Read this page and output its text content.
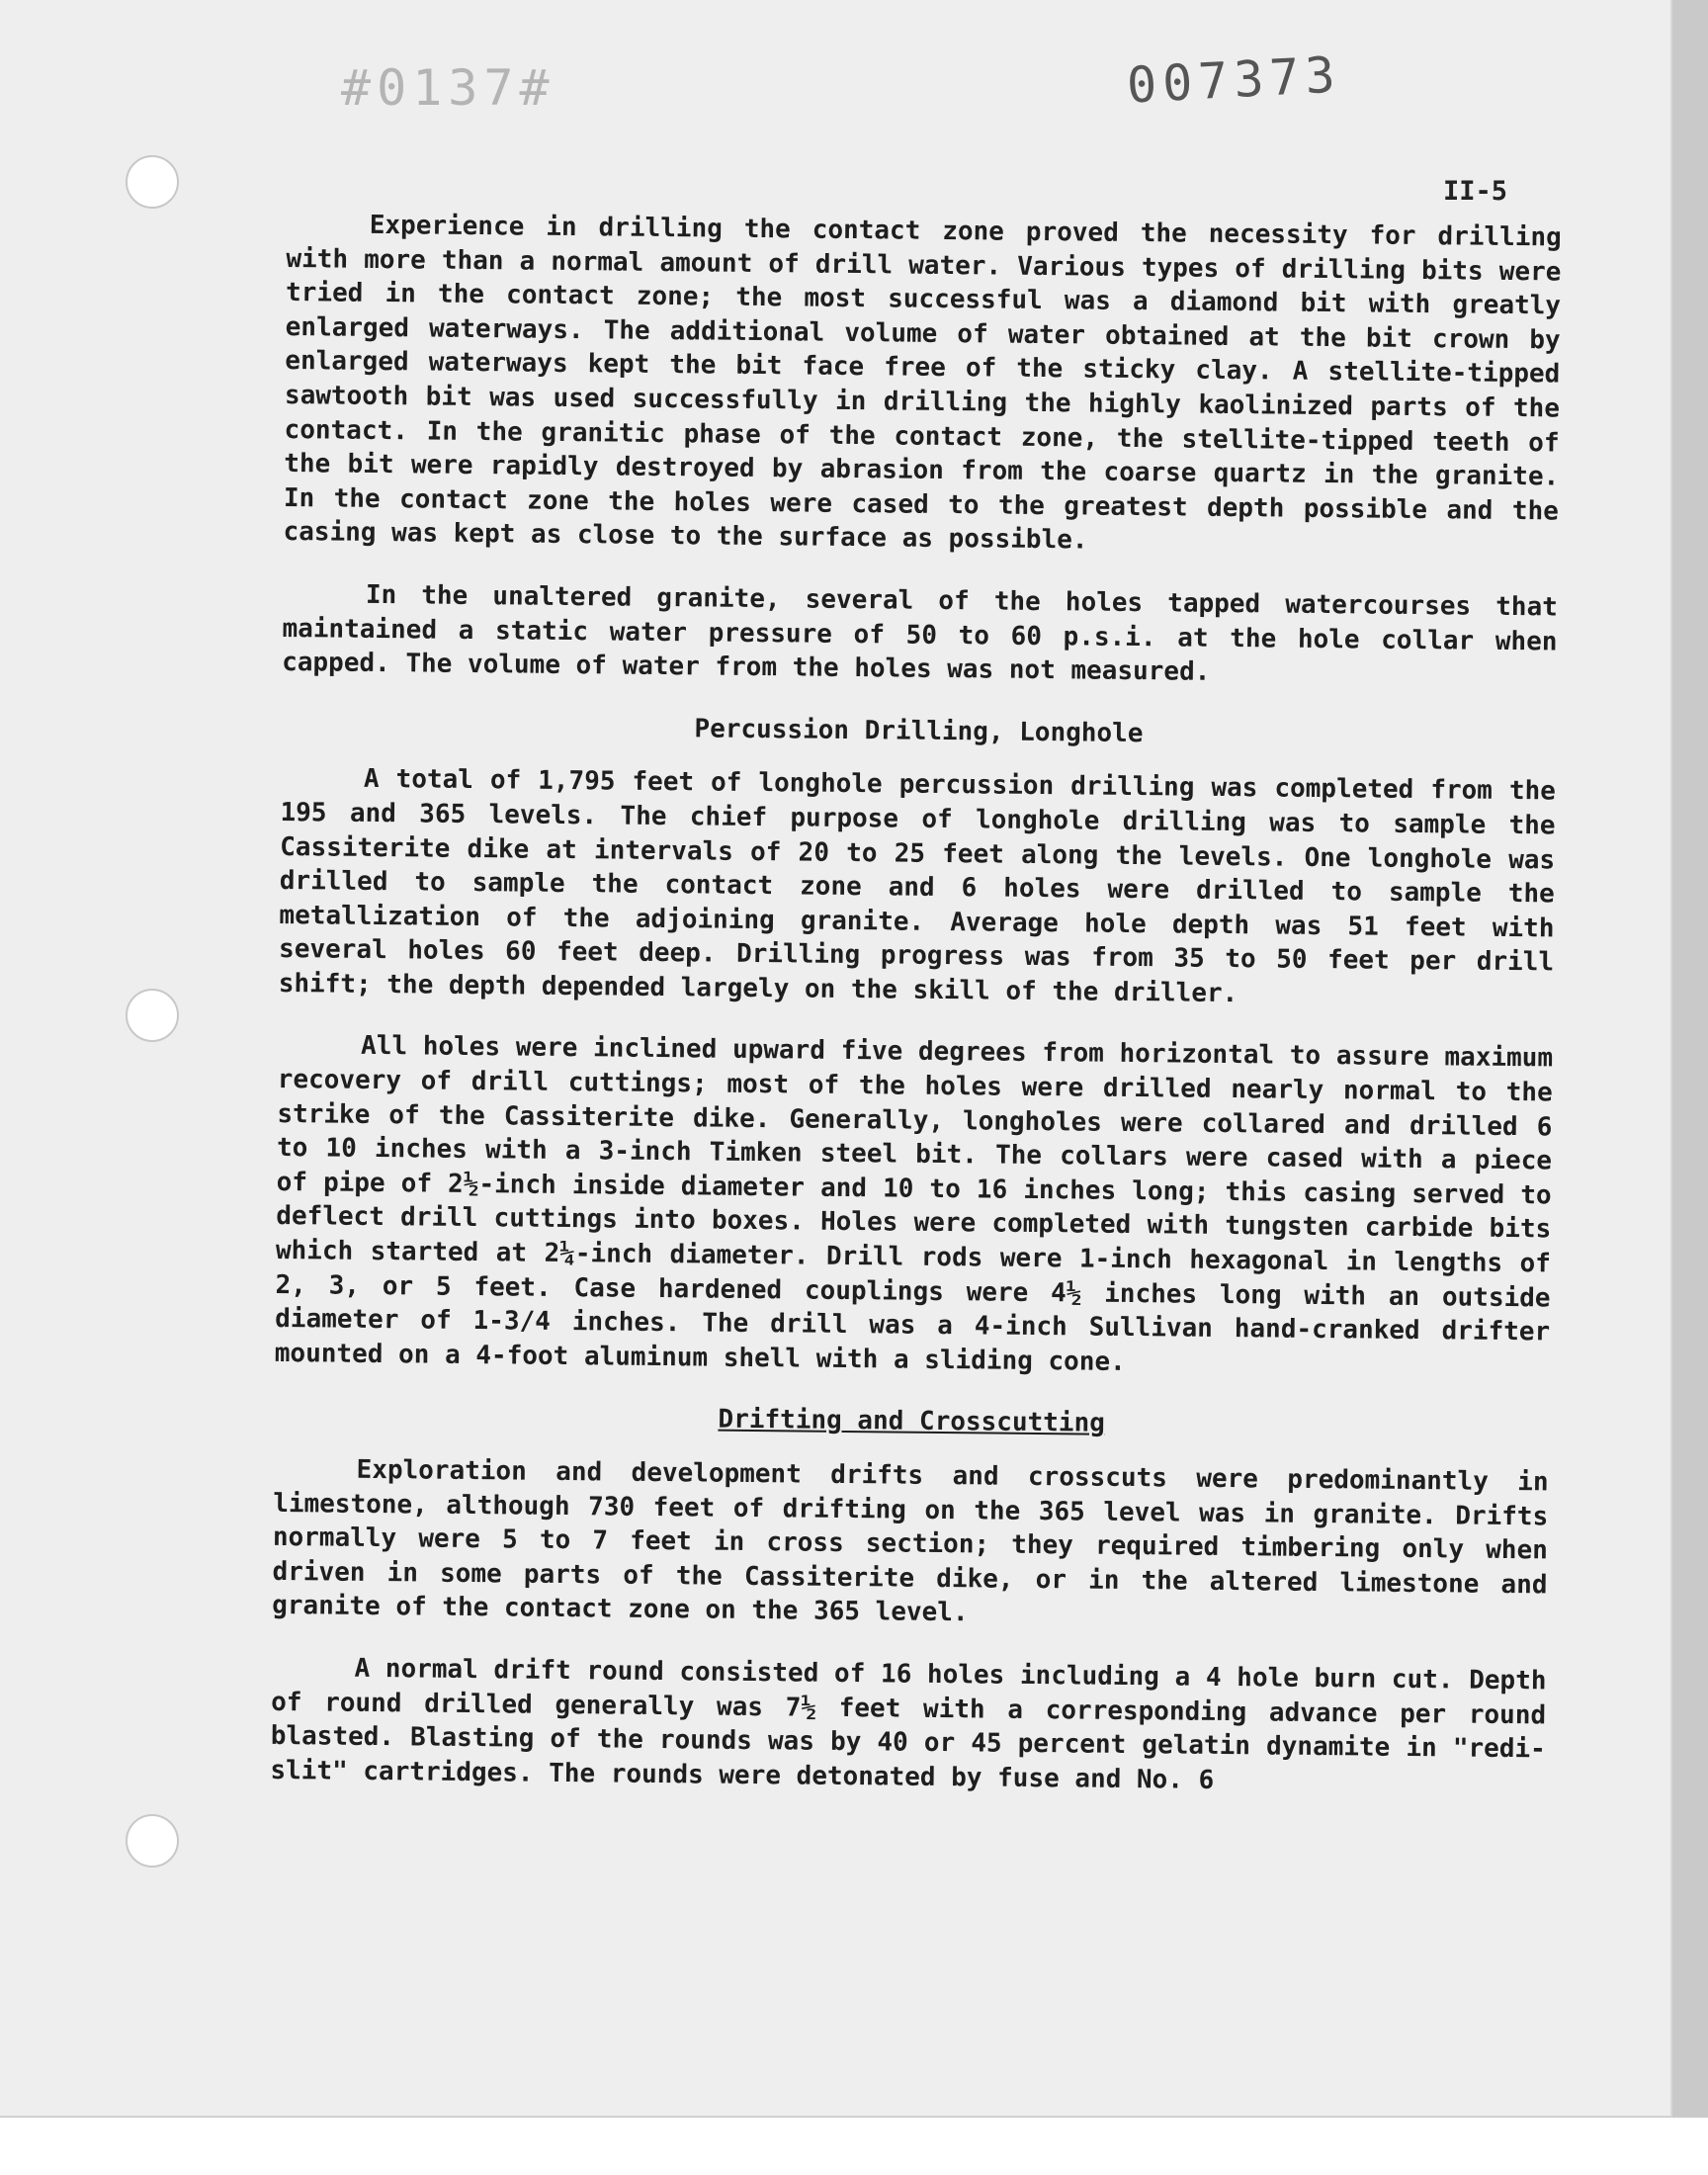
#0137#	007373
II-5

Experience in drilling the contact zone proved the necessity for drilling with more than a normal amount of drill water. Various types of drilling bits were tried in the contact zone; the most successful was a diamond bit with greatly enlarged waterways. The additional volume of water obtained at the bit crown by enlarged waterways kept the bit face free of the sticky clay. A stellite-tipped sawtooth bit was used successfully in drilling the highly kaolinized parts of the contact. In the granitic phase of the contact zone, the stellite-tipped teeth of the bit were rapidly destroyed by abrasion from the coarse quartz in the granite. In the contact zone the holes were cased to the greatest depth possible and the casing was kept as close to the surface as possible.

In the unaltered granite, several of the holes tapped watercourses that maintained a static water pressure of 50 to 60 p.s.i. at the hole collar when capped. The volume of water from the holes was not measured.

Percussion Drilling, Longhole

A total of 1,795 feet of longhole percussion drilling was completed from the 195 and 365 levels. The chief purpose of longhole drilling was to sample the Cassiterite dike at intervals of 20 to 25 feet along the levels. One longhole was drilled to sample the contact zone and 6 holes were drilled to sample the metallization of the adjoining granite. Average hole depth was 51 feet with several holes 60 feet deep. Drilling progress was from 35 to 50 feet per drill shift; the depth depended largely on the skill of the driller.

All holes were inclined upward five degrees from horizontal to assure maximum recovery of drill cuttings; most of the holes were drilled nearly normal to the strike of the Cassiterite dike. Generally, longholes were collared and drilled 6 to 10 inches with a 3-inch Timken steel bit. The collars were cased with a piece of pipe of 2½-inch inside diameter and 10 to 16 inches long; this casing served to deflect drill cuttings into boxes. Holes were completed with tungsten carbide bits which started at 2¼-inch diameter. Drill rods were 1-inch hexagonal in lengths of 2, 3, or 5 feet. Case hardened couplings were 4½ inches long with an outside diameter of 1-3/4 inches. The drill was a 4-inch Sullivan hand-cranked drifter mounted on a 4-foot aluminum shell with a sliding cone.

Drifting and Crosscutting

Exploration and development drifts and crosscuts were predominantly in limestone, although 730 feet of drifting on the 365 level was in granite. Drifts normally were 5 to 7 feet in cross section; they required timbering only when driven in some parts of the Cassiterite dike, or in the altered limestone and granite of the contact zone on the 365 level.

A normal drift round consisted of 16 holes including a 4 hole burn cut. Depth of round drilled generally was 7½ feet with a corresponding advance per round blasted. Blasting of the rounds was by 40 or 45 percent gelatin dynamite in "redi-slit" cartridges. The rounds were detonated by fuse and No. 6
